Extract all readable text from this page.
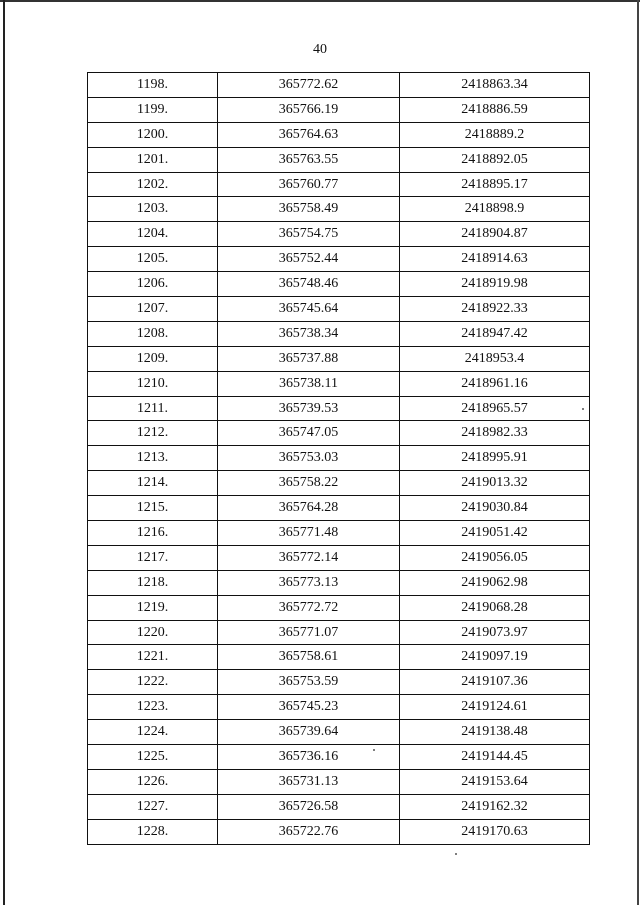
40
1198.	365772.62	2418863.34
1199.	365766.19	2418886.59
1200.	365764.63	2418889.2
1201.	365763.55	2418892.05
1202.	365760.77	2418895.17
1203.	365758.49	2418898.9
1204.	365754.75	2418904.87
1205.	365752.44	2418914.63
1206.	365748.46	2418919.98
1207.	365745.64	2418922.33
1208.	365738.34	2418947.42
1209.	365737.88	2418953.4
1210.	365738.11	2418961.16
1211.	365739.53	2418965.57
1212.	365747.05	2418982.33
1213.	365753.03	2418995.91
1214.	365758.22	2419013.32
1215.	365764.28	2419030.84
1216.	365771.48	2419051.42
1217.	365772.14	2419056.05
1218.	365773.13	2419062.98
1219.	365772.72	2419068.28
1220.	365771.07	2419073.97
1221.	365758.61	2419097.19
1222.	365753.59	2419107.36
1223.	365745.23	2419124.61
1224.	365739.64	2419138.48
1225.	365736.16	2419144.45
1226.	365731.13	2419153.64
1227.	365726.58	2419162.32
1228.	365722.76	2419170.63
